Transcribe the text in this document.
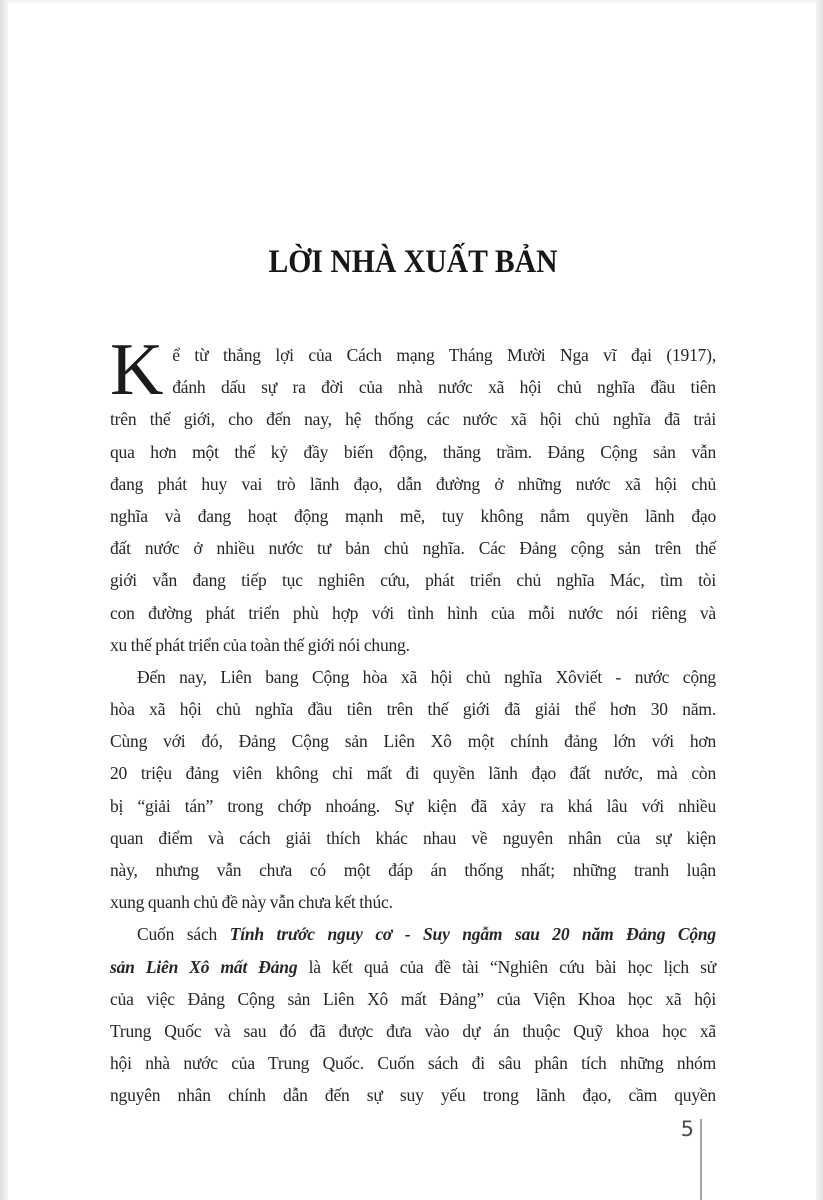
LỜI NHÀ XUẤT BẢN
K ể từ thắng lợi của Cách mạng Tháng Mười Nga vĩ đại (1917),
đánh dấu sự ra đời của nhà nước xã hội chủ nghĩa đầu tiên
trên thế giới, cho đến nay, hệ thống các nước xã hội chủ nghĩa đã trải
qua hơn một thế kỷ đầy biến động, thăng trầm. Đảng Cộng sản vẫn
đang phát huy vai trò lãnh đạo, dẫn đường ở những nước xã hội chủ
nghĩa và đang hoạt động mạnh mẽ, tuy không nắm quyền lãnh đạo
đất nước ở nhiều nước tư bản chủ nghĩa. Các Đảng cộng sản trên thế
giới vẫn đang tiếp tục nghiên cứu, phát triển chủ nghĩa Mác, tìm tòi
con đường phát triển phù hợp với tình hình của mỗi nước nói riêng và
xu thế phát triển của toàn thế giới nói chung.
Đến nay, Liên bang Cộng hòa xã hội chủ nghĩa Xôviết - nước cộng
hòa xã hội chủ nghĩa đầu tiên trên thế giới đã giải thể hơn 30 năm.
Cùng với đó, Đảng Cộng sản Liên Xô một chính đảng lớn với hơn
20 triệu đảng viên không chỉ mất đi quyền lãnh đạo đất nước, mà còn
bị “giải tán” trong chớp nhoáng. Sự kiện đã xảy ra khá lâu với nhiều
quan điểm và cách giải thích khác nhau về nguyên nhân của sự kiện
này, nhưng vẫn chưa có một đáp án thống nhất; những tranh luận
xung quanh chủ đề này vẫn chưa kết thúc.
Cuốn sách Tính trước nguy cơ - Suy ngẫm sau 20 năm Đảng Cộng
sản Liên Xô mất Đảng là kết quả của đề tài “Nghiên cứu bài học lịch sử
của việc Đảng Cộng sản Liên Xô mất Đảng” của Viện Khoa học xã hội
Trung Quốc và sau đó đã được đưa vào dự án thuộc Quỹ khoa học xã
hội nhà nước của Trung Quốc. Cuốn sách đi sâu phân tích những nhóm
nguyên nhân chính dẫn đến sự suy yếu trong lãnh đạo, cầm quyền
5
